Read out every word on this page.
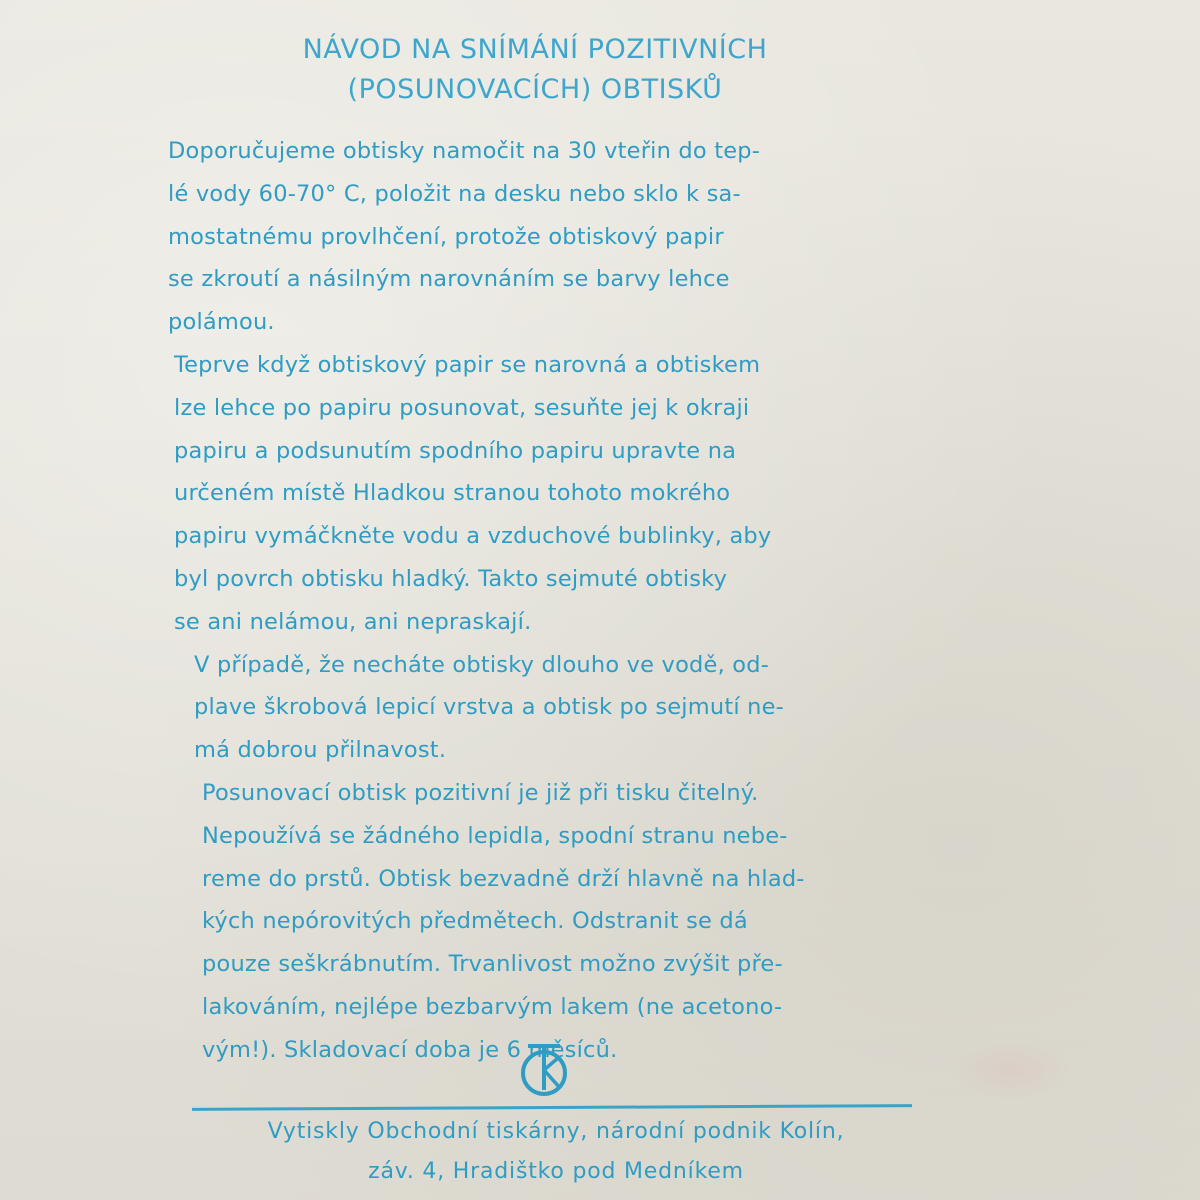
NÁVOD NA SNÍMÁNÍ POZITIVNÍCH
(POSUNOVACÍCH) OBTISKŮ
Doporučujeme obtisky namočit na 30 vteřin do tep-
lé vody 60-70° C, položit na desku nebo sklo k sa-
mostatnému provlhčení, protože obtiskový papir
se zkroutí a násilným narovnáním se barvy lehce
polámou.
Teprve když obtiskový papir se narovná a obtiskem
lze lehce po papiru posunovat, sesuňte jej k okraji
papiru a podsunutím spodního papiru upravte na
určeném místě Hladkou stranou tohoto mokrého
papiru vymáčkněte vodu a vzduchové bublinky, aby
byl povrch obtisku hladký. Takto sejmuté obtisky
se ani nelámou, ani nepraskají.
V případě, že necháte obtisky dlouho ve vodě, od-
plave škrobová lepicí vrstva a obtisk po sejmutí ne-
má dobrou přilnavost.
Posunovací obtisk pozitivní je již při tisku čitelný.
Nepoužívá se žádného lepidla, spodní stranu nebe-
reme do prstů. Obtisk bezvadně drží hlavně na hlad-
kých nepórovitých předmětech. Odstranit se dá
pouze seškrábnutím. Trvanlivost možno zvýšit pře-
lakováním, nejlépe bezbarvým lakem (ne acetono-
vým!). Skladovací doba je 6 měsíců.
Vytiskly Obchodní tiskárny, národní podnik Kolín,
záv. 4, Hradištko pod Medníkem
